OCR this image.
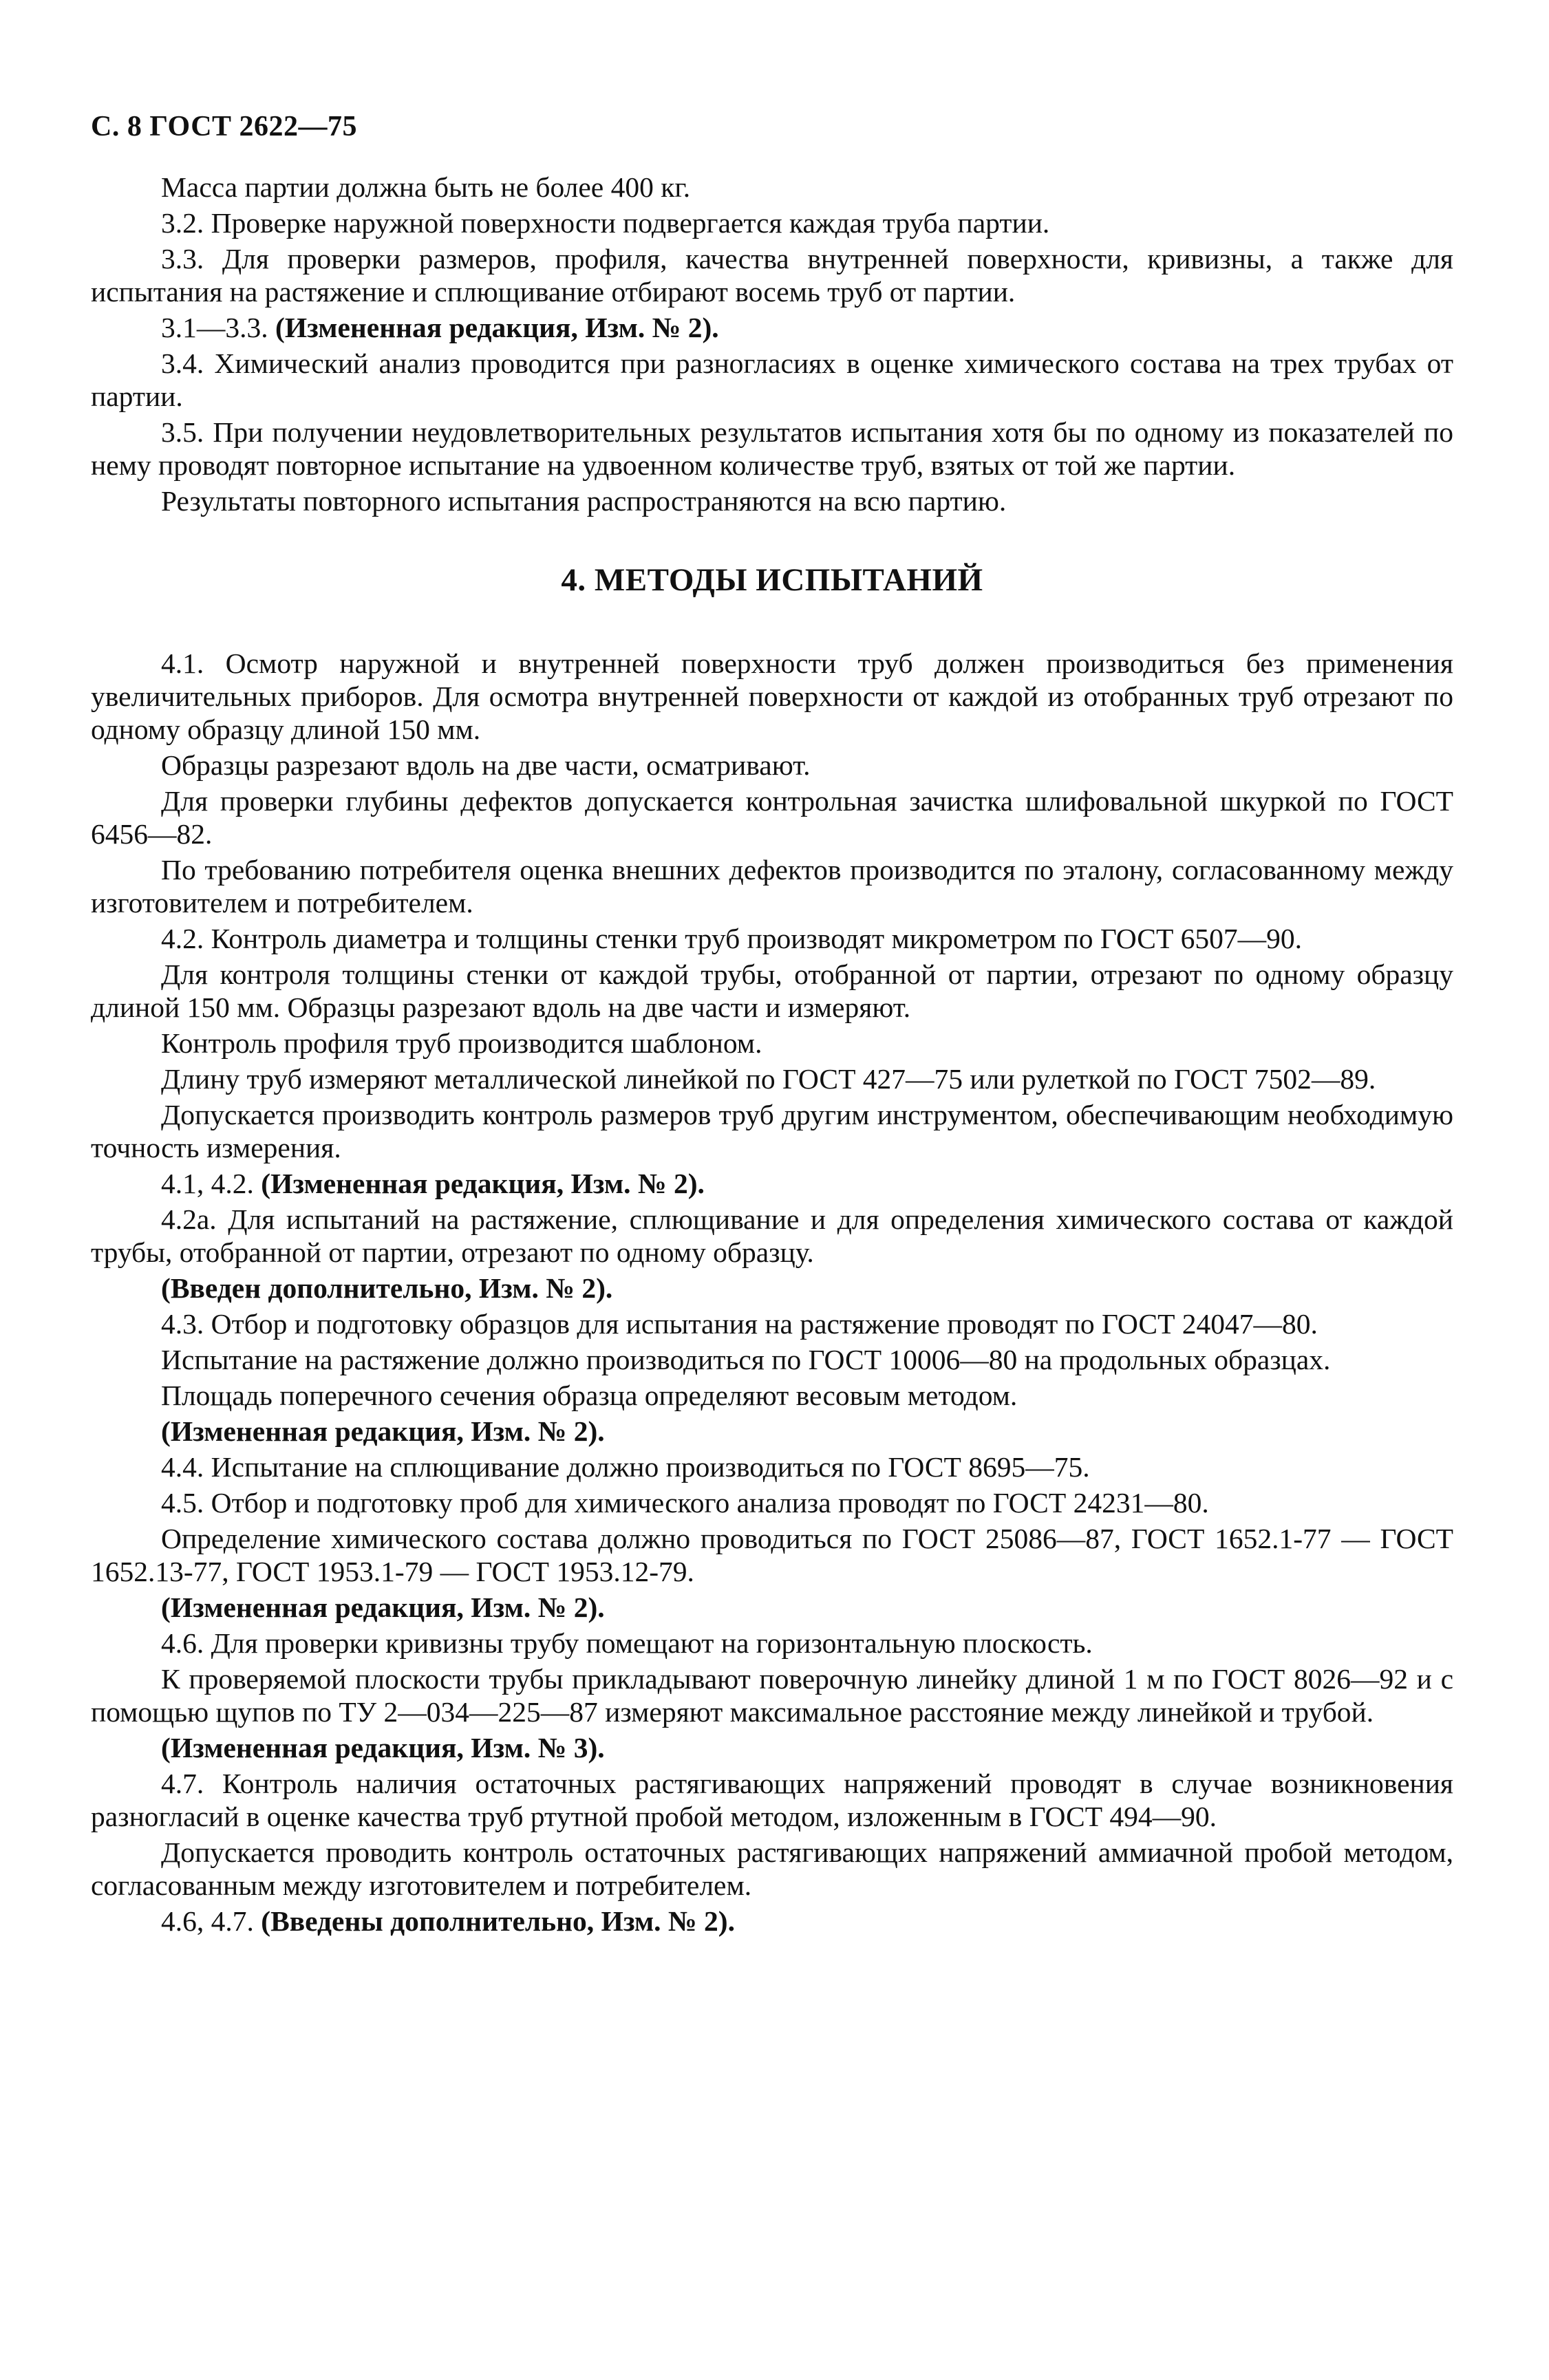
С. 8 ГОСТ 2622—75
Масса партии должна быть не более 400 кг.
3.2. Проверке наружной поверхности подвергается каждая труба партии.
3.3. Для проверки размеров, профиля, качества внутренней поверхности, кривизны, а также для испытания на растяжение и сплющивание отбирают восемь труб от партии.
3.1—3.3. (Измененная редакция, Изм. № 2).
3.4. Химический анализ проводится при разногласиях в оценке химического состава на трех трубах от партии.
3.5. При получении неудовлетворительных результатов испытания хотя бы по одному из показателей по нему проводят повторное испытание на удвоенном количестве труб, взятых от той же партии.
Результаты повторного испытания распространяются на всю партию.
4. МЕТОДЫ ИСПЫТАНИЙ
4.1. Осмотр наружной и внутренней поверхности труб должен производиться без применения увеличительных приборов. Для осмотра внутренней поверхности от каждой из отобранных труб отрезают по одному образцу длиной 150 мм.
Образцы разрезают вдоль на две части, осматривают.
Для проверки глубины дефектов допускается контрольная зачистка шлифовальной шкуркой по ГОСТ 6456—82.
По требованию потребителя оценка внешних дефектов производится по эталону, согласованному между изготовителем и потребителем.
4.2. Контроль диаметра и толщины стенки труб производят микрометром по ГОСТ 6507—90.
Для контроля толщины стенки от каждой трубы, отобранной от партии, отрезают по одному образцу длиной 150 мм. Образцы разрезают вдоль на две части и измеряют.
Контроль профиля труб производится шаблоном.
Длину труб измеряют металлической линейкой по ГОСТ 427—75 или рулеткой по ГОСТ 7502—89.
Допускается производить контроль размеров труб другим инструментом, обеспечивающим необходимую точность измерения.
4.1, 4.2. (Измененная редакция, Изм. № 2).
4.2а. Для испытаний на растяжение, сплющивание и для определения химического состава от каждой трубы, отобранной от партии, отрезают по одному образцу.
(Введен дополнительно, Изм. № 2).
4.3. Отбор и подготовку образцов для испытания на растяжение проводят по ГОСТ 24047—80.
Испытание на растяжение должно производиться по ГОСТ 10006—80 на продольных образцах.
Площадь поперечного сечения образца определяют весовым методом.
(Измененная редакция, Изм. № 2).
4.4. Испытание на сплющивание должно производиться по ГОСТ 8695—75.
4.5. Отбор и подготовку проб для химического анализа проводят по ГОСТ 24231—80.
Определение химического состава должно проводиться по ГОСТ 25086—87, ГОСТ 1652.1-77 — ГОСТ 1652.13-77, ГОСТ 1953.1-79 — ГОСТ 1953.12-79.
(Измененная редакция, Изм. № 2).
4.6. Для проверки кривизны трубу помещают на горизонтальную плоскость.
К проверяемой плоскости трубы прикладывают поверочную линейку длиной 1 м по ГОСТ 8026—92 и с помощью щупов по ТУ 2—034—225—87 измеряют максимальное расстояние между линейкой и трубой.
(Измененная редакция, Изм. № 3).
4.7. Контроль наличия остаточных растягивающих напряжений проводят в случае возникновения разногласий в оценке качества труб ртутной пробой методом, изложенным в ГОСТ 494—90.
Допускается проводить контроль остаточных растягивающих напряжений аммиачной пробой методом, согласованным между изготовителем и потребителем.
4.6, 4.7. (Введены дополнительно, Изм. № 2).
